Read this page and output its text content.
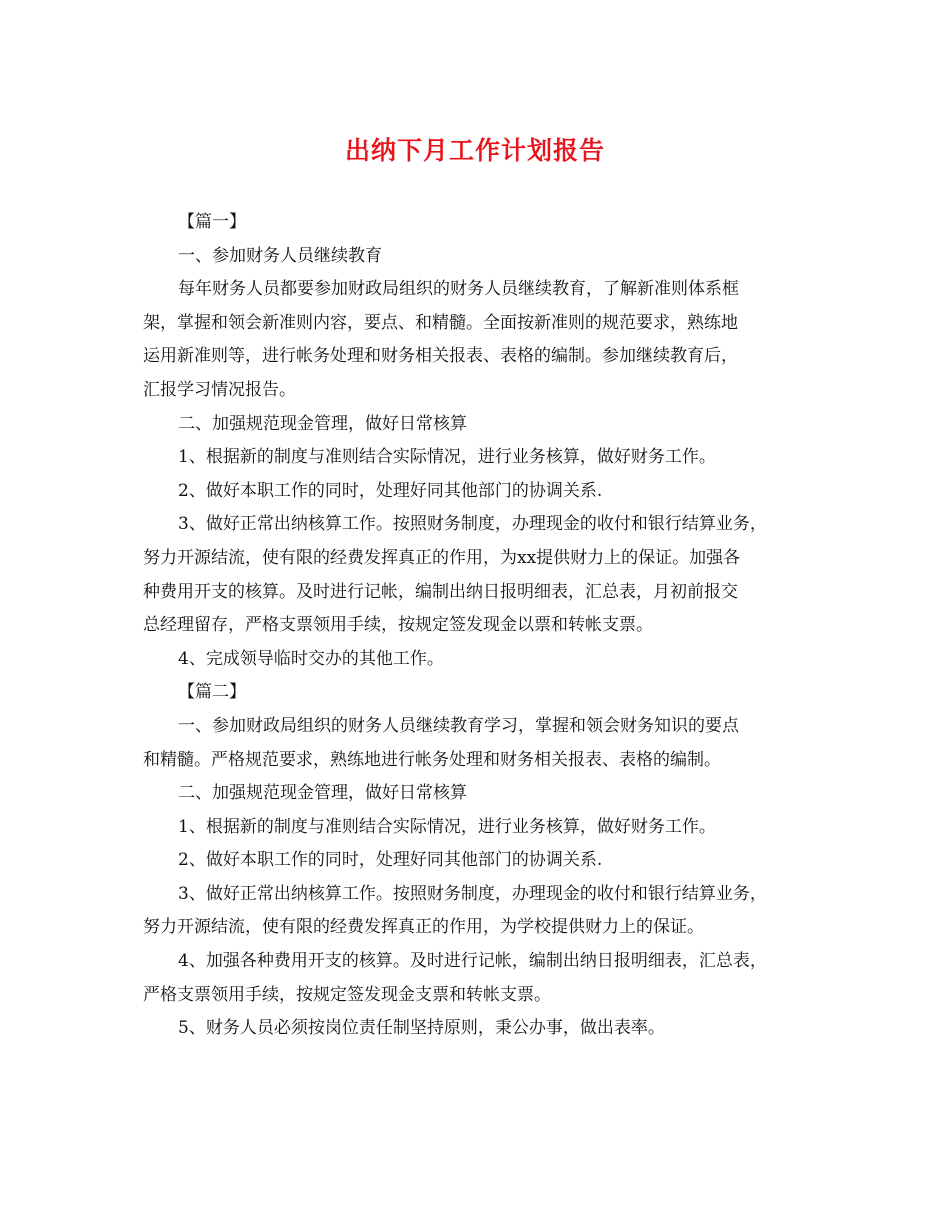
出纳下月工作计划报告

【篇一】

一、参加财务人员继续教育

每年财务人员都要参加财政局组织的财务人员继续教育，了解新准则体系框

架，掌握和领会新准则内容，要点、和精髓。全面按新准则的规范要求，熟练地

运用新准则等，进行帐务处理和财务相关报表、表格的编制。参加继续教育后，

汇报学习情况报告。

二、加强规范现金管理，做好日常核算

1、根据新的制度与准则结合实际情况，进行业务核算，做好财务工作。

2、做好本职工作的同时，处理好同其他部门的协调关系.

3、做好正常出纳核算工作。按照财务制度，办理现金的收付和银行结算业务，

努力开源结流，使有限的经费发挥真正的作用，为xx提供财力上的保证。加强各

种费用开支的核算。及时进行记帐，编制出纳日报明细表，汇总表，月初前报交

总经理留存，严格支票领用手续，按规定签发现金以票和转帐支票。

4、完成领导临时交办的其他工作。

【篇二】

一、参加财政局组织的财务人员继续教育学习，掌握和领会财务知识的要点

和精髓。严格规范要求，熟练地进行帐务处理和财务相关报表、表格的编制。

二、加强规范现金管理，做好日常核算

1、根据新的制度与准则结合实际情况，进行业务核算，做好财务工作。

2、做好本职工作的同时，处理好同其他部门的协调关系.

3、做好正常出纳核算工作。按照财务制度，办理现金的收付和银行结算业务，

努力开源结流，使有限的经费发挥真正的作用，为学校提供财力上的保证。

4、加强各种费用开支的核算。及时进行记帐，编制出纳日报明细表，汇总表，

严格支票领用手续，按规定签发现金支票和转帐支票。

5、财务人员必须按岗位责任制坚持原则，秉公办事，做出表率。
